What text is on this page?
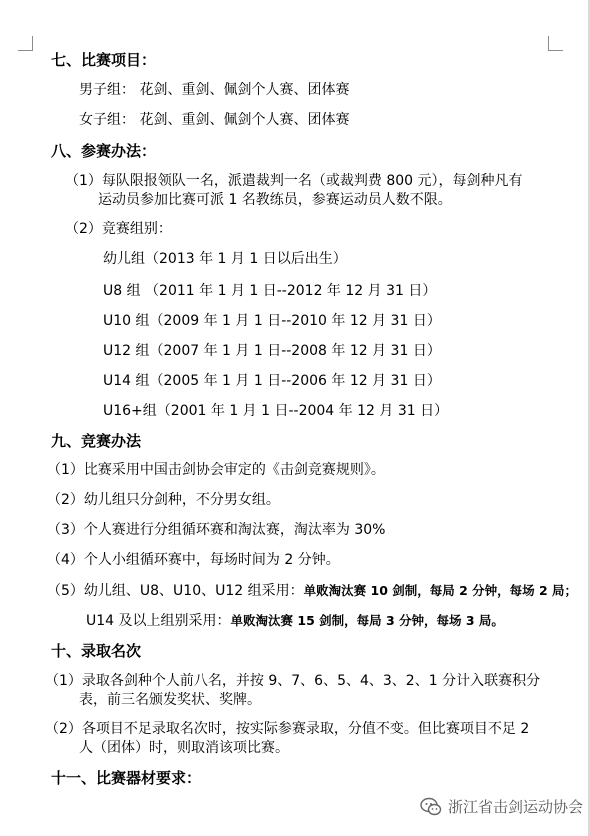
七、比赛项目：
男子组： 花剑、重剑、佩剑个人赛、团体赛
女子组： 花剑、重剑、佩剑个人赛、团体赛
八、参赛办法：
（1）每队限报领队一名，派遣裁判一名（或裁判费 800 元），每剑种凡有
运动员参加比赛可派 1 名教练员，参赛运动员人数不限。
（2）竞赛组别：
幼儿组（2013 年 1 月 1 日以后出生）
U8 组 （2011 年 1 月 1 日--2012 年 12 月 31 日）
U10 组（2009 年 1 月 1 日--2010 年 12 月 31 日）
U12 组（2007 年 1 月 1 日--2008 年 12 月 31 日）
U14 组（2005 年 1 月 1 日--2006 年 12 月 31 日）
U16+组（2001 年 1 月 1 日--2004 年 12 月 31 日）
九、竞赛办法
（1）比赛采用中国击剑协会审定的《击剑竞赛规则》。
（2）幼儿组只分剑种，不分男女组。
（3）个人赛进行分组循环赛和淘汰赛，淘汰率为 30%
（4）个人小组循环赛中，每场时间为 2 分钟。
（5）幼儿组、U8、U10、U12 组采用：单败淘汰赛 10 剑制，每局 2 分钟，每场 2 局；
U14 及以上组别采用：单败淘汰赛 15 剑制，每局 3 分钟，每场 3 局。
十、录取名次
（1）录取各剑种个人前八名，并按 9、7、6、5、4、3、2、1 分计入联赛积分
表，前三名颁发奖状、奖牌。
（2）各项目不足录取名次时，按实际参赛录取，分值不变。但比赛项目不足 2
人（团体）时，则取消该项比赛。
十一、比赛器材要求：
浙江省击剑运动协会
